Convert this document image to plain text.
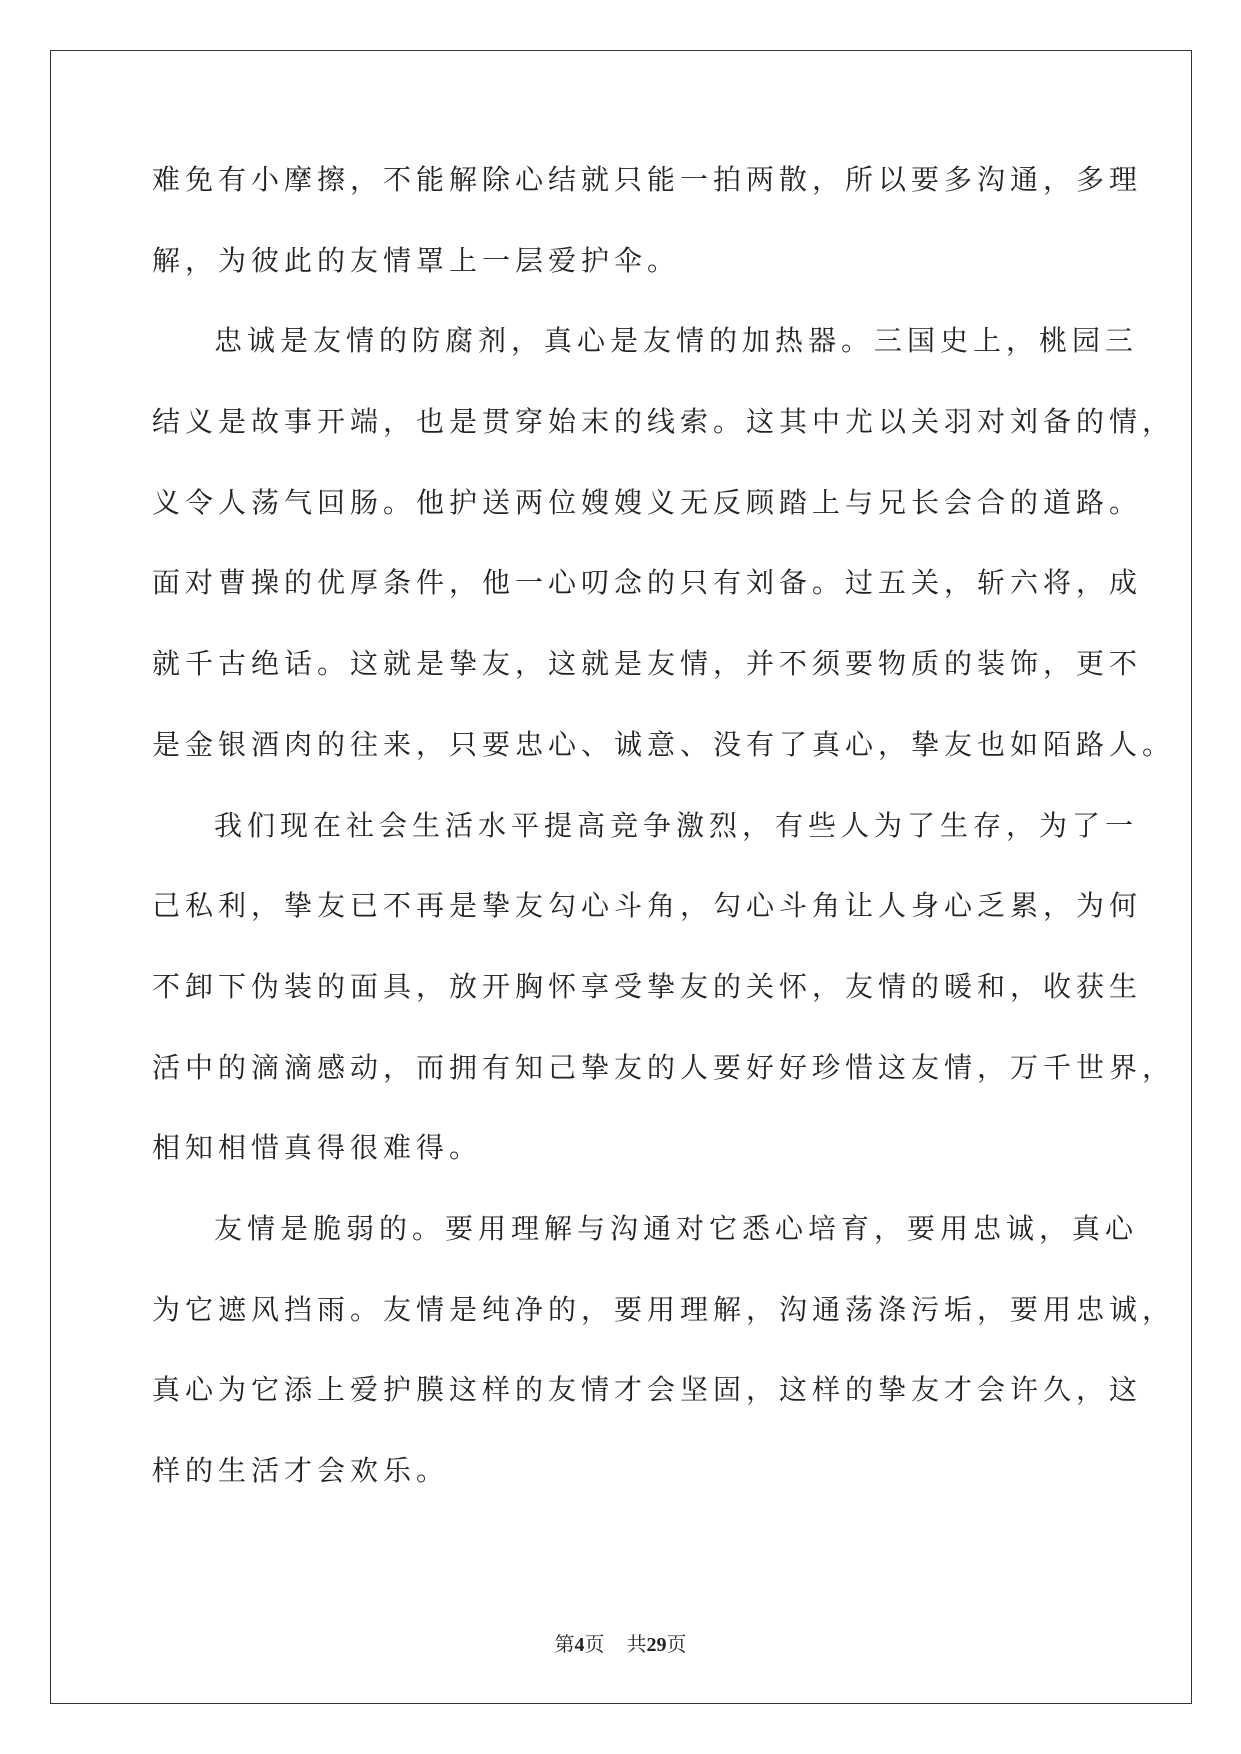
难免有小摩擦，不能解除心结就只能一拍两散，所以要多沟通，多理
解，为彼此的友情罩上一层爱护伞。
忠诚是友情的防腐剂，真心是友情的加热器。三国史上，桃园三
结义是故事开端，也是贯穿始末的线索。这其中尤以关羽对刘备的情，
义令人荡气回肠。他护送两位嫂嫂义无反顾踏上与兄长会合的道路。
面对曹操的优厚条件，他一心叨念的只有刘备。过五关，斩六将，成
就千古绝话。这就是挚友，这就是友情，并不须要物质的装饰，更不
是金银酒肉的往来，只要忠心、诚意、没有了真心，挚友也如陌路人。
我们现在社会生活水平提高竞争激烈，有些人为了生存，为了一
己私利，挚友已不再是挚友勾心斗角，勾心斗角让人身心乏累，为何
不卸下伪装的面具，放开胸怀享受挚友的关怀，友情的暖和，收获生
活中的滴滴感动，而拥有知己挚友的人要好好珍惜这友情，万千世界，
相知相惜真得很难得。
友情是脆弱的。要用理解与沟通对它悉心培育，要用忠诚，真心
为它遮风挡雨。友情是纯净的，要用理解，沟通荡涤污垢，要用忠诚，
真心为它添上爱护膜这样的友情才会坚固，这样的挚友才会许久，这
样的生活才会欢乐。
第4页 共29页
